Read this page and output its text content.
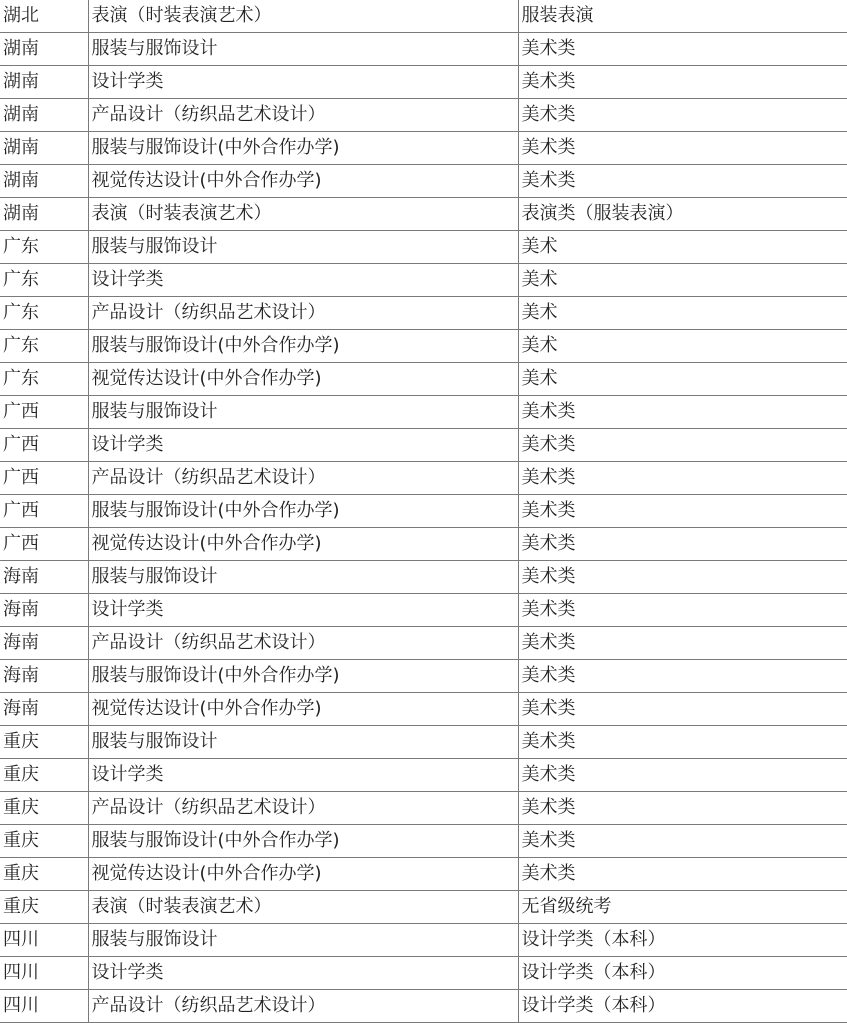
湖北	表演（时装表演艺术）	服装表演
湖南	服装与服饰设计	美术类
湖南	设计学类	美术类
湖南	产品设计（纺织品艺术设计）	美术类
湖南	服装与服饰设计(中外合作办学)	美术类
湖南	视觉传达设计(中外合作办学)	美术类
湖南	表演（时装表演艺术）	表演类（服装表演）
广东	服装与服饰设计	美术
广东	设计学类	美术
广东	产品设计（纺织品艺术设计）	美术
广东	服装与服饰设计(中外合作办学)	美术
广东	视觉传达设计(中外合作办学)	美术
广西	服装与服饰设计	美术类
广西	设计学类	美术类
广西	产品设计（纺织品艺术设计）	美术类
广西	服装与服饰设计(中外合作办学)	美术类
广西	视觉传达设计(中外合作办学)	美术类
海南	服装与服饰设计	美术类
海南	设计学类	美术类
海南	产品设计（纺织品艺术设计）	美术类
海南	服装与服饰设计(中外合作办学)	美术类
海南	视觉传达设计(中外合作办学)	美术类
重庆	服装与服饰设计	美术类
重庆	设计学类	美术类
重庆	产品设计（纺织品艺术设计）	美术类
重庆	服装与服饰设计(中外合作办学)	美术类
重庆	视觉传达设计(中外合作办学)	美术类
重庆	表演（时装表演艺术）	无省级统考
四川	服装与服饰设计	设计学类（本科）
四川	设计学类	设计学类（本科）
四川	产品设计（纺织品艺术设计）	设计学类（本科）
